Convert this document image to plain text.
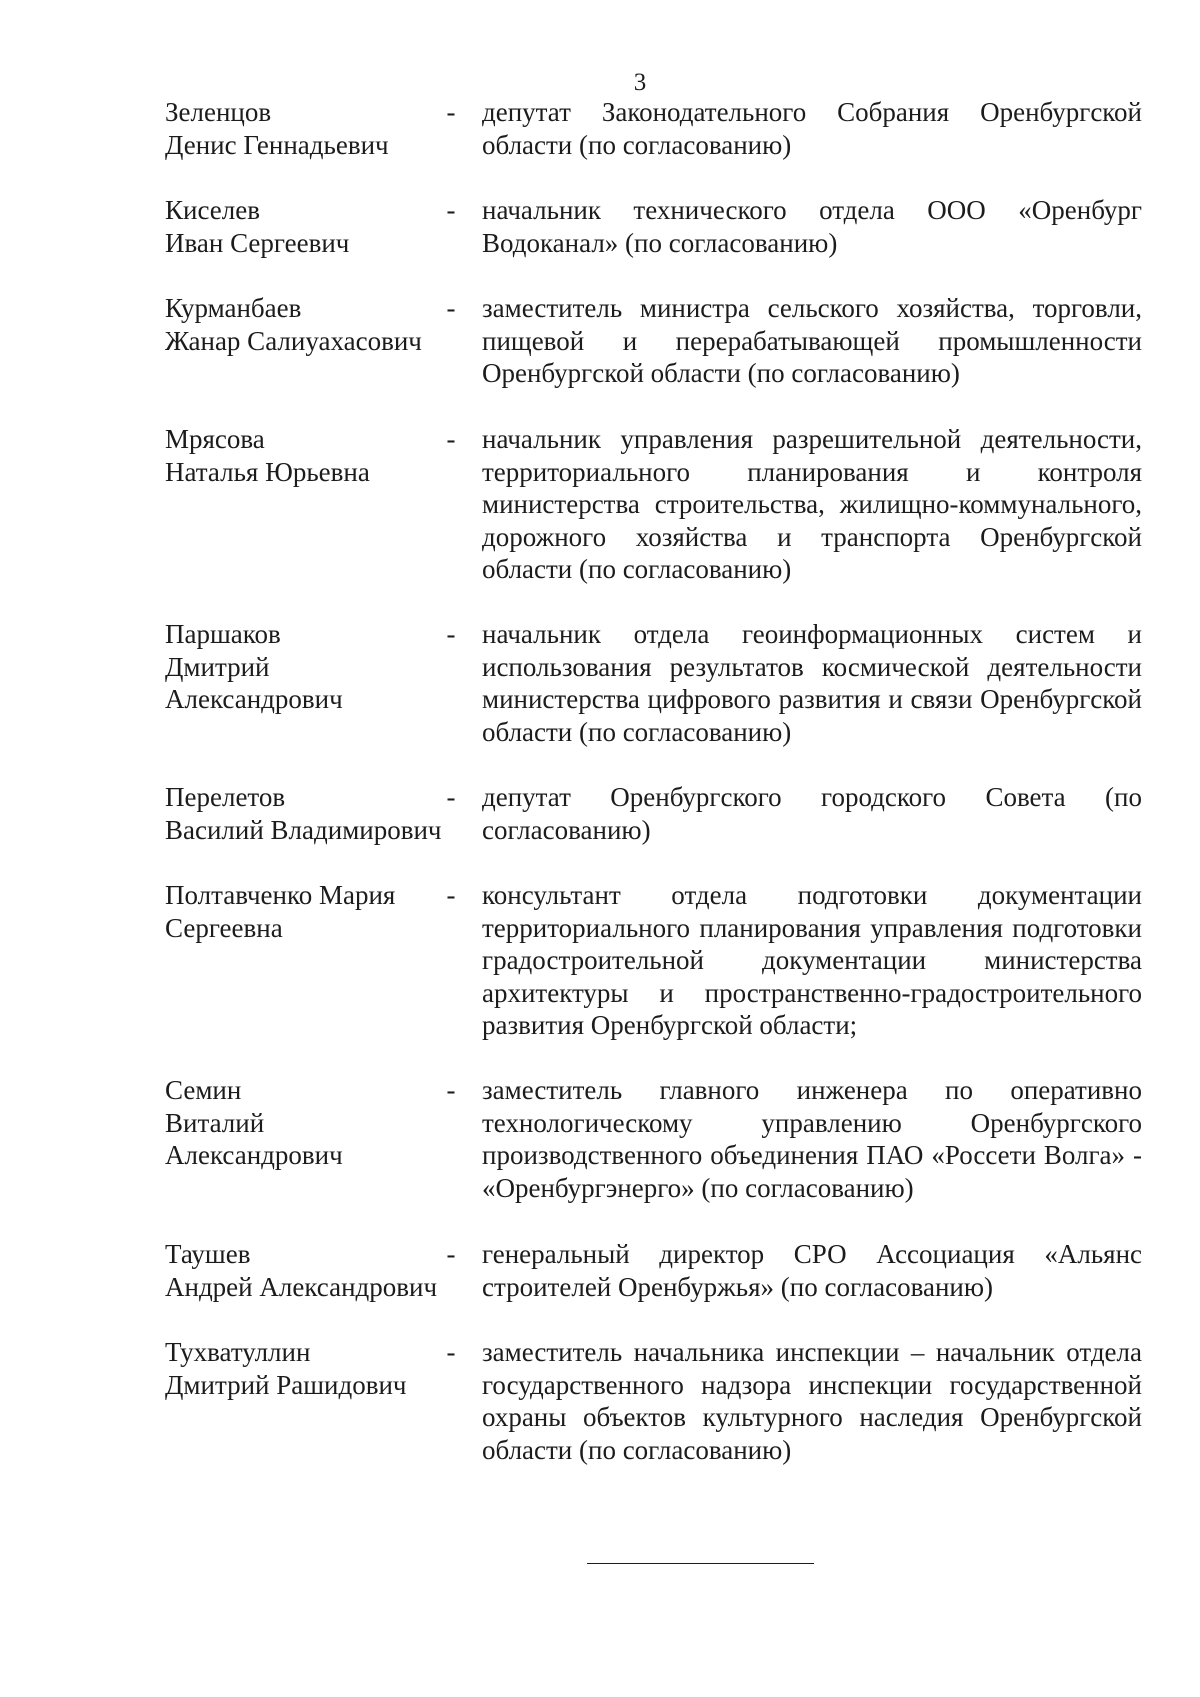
3
Зеленцов
Денис Геннадьевич
- депутат Законодательного Собрания Оренбургской области (по согласованию)
Киселев
Иван Сергеевич
- начальник технического отдела ООО «Оренбург Водоканал» (по согласованию)
Курманбаев
Жанар Салиуахасович
- заместитель министра сельского хозяйства, торговли, пищевой и перерабатывающей промышленности Оренбургской области (по согласованию)
Мрясова
Наталья Юрьевна
- начальник управления разрешительной деятельности, территориального планирования и контроля министерства строительства, жилищно-коммунального, дорожного хозяйства и транспорта Оренбургской области (по согласованию)
Паршаков
Дмитрий
Александрович
- начальник отдела геоинформационных систем и использования результатов космической деятельности министерства цифрового развития и связи Оренбургской области (по согласованию)
Перелетов
Василий Владимирович
- депутат Оренбургского городского Совета (по согласованию)
Полтавченко Мария
Сергеевна
- консультант отдела подготовки документации территориального планирования управления подготовки градостроительной документации министерства архитектуры и пространственно-градостроительного развития Оренбургской области;
Семин
Виталий
Александрович
- заместитель главного инженера по оперативно технологическому управлению Оренбургского производственного объединения ПАО «Россети Волга» - «Оренбургэнерго» (по согласованию)
Таушев
Андрей Александрович
- генеральный директор СРО Ассоциация «Альянс строителей Оренбуржья» (по согласованию)
Тухватуллин
Дмитрий Рашидович
- заместитель начальника инспекции – начальник отдела государственного надзора инспекции государственной охраны объектов культурного наследия Оренбургской области (по согласованию)
